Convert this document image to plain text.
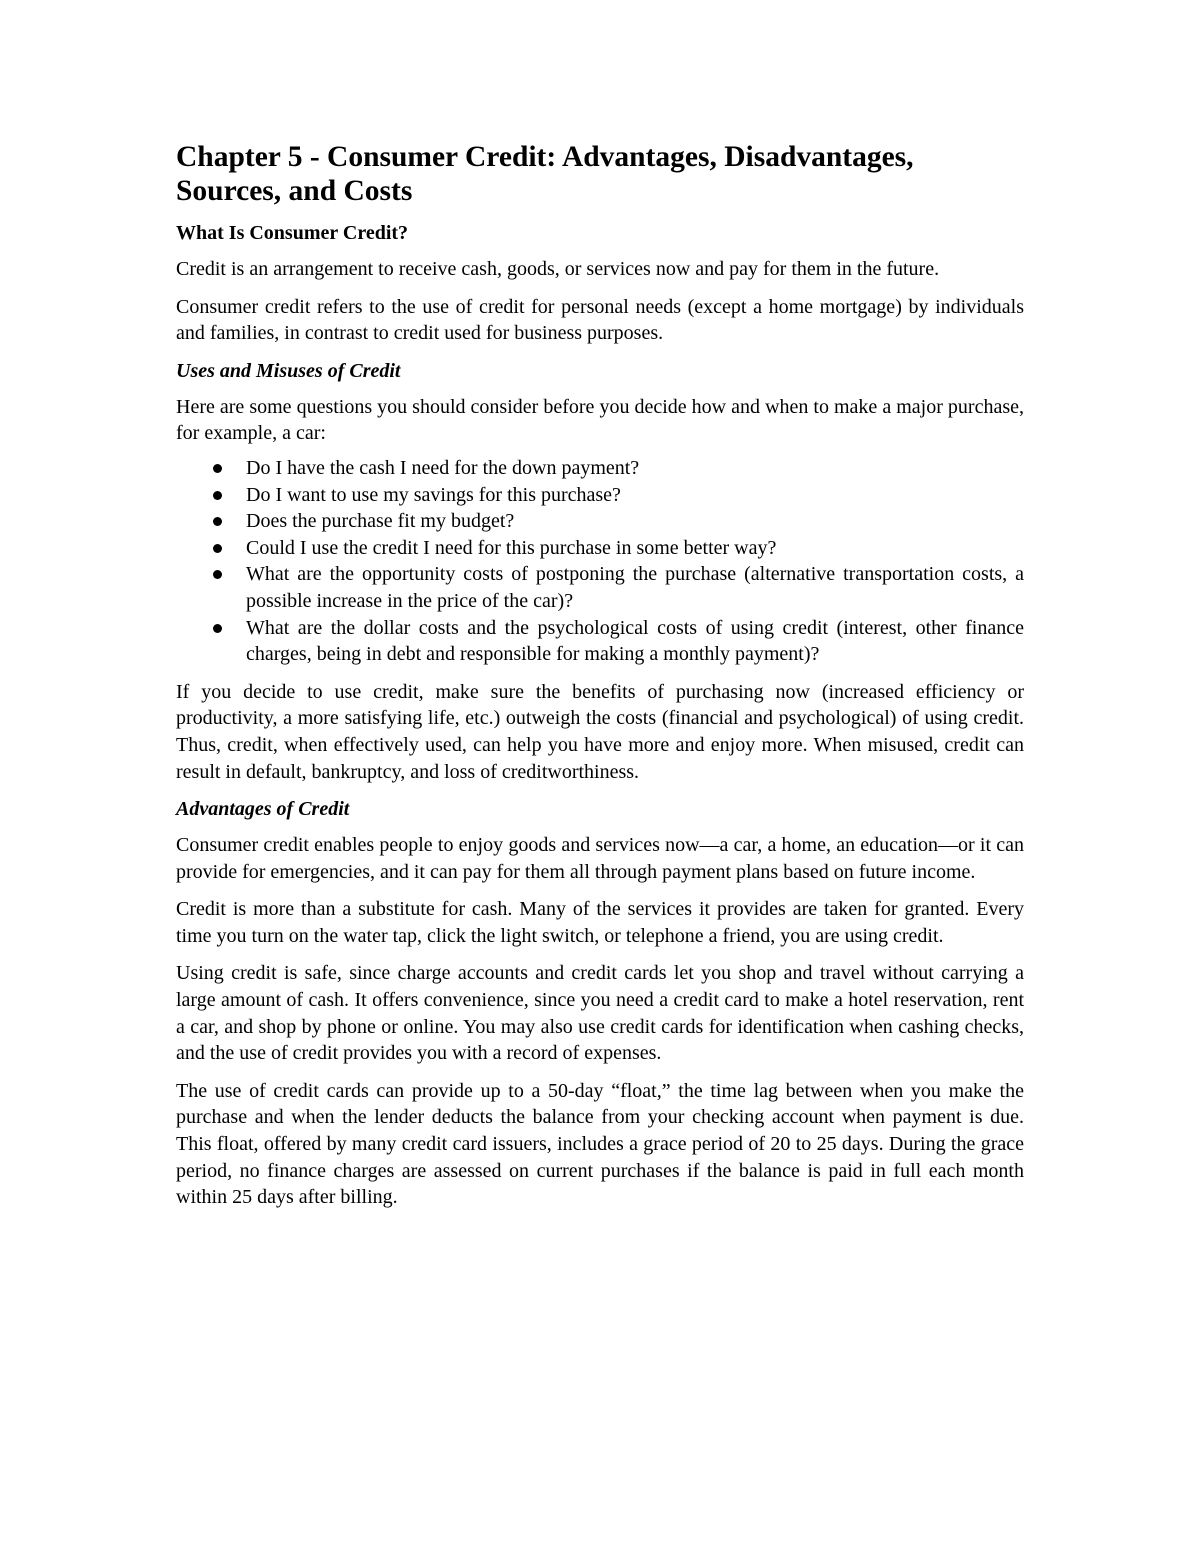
Chapter 5 - Consumer Credit: Advantages, Disadvantages, Sources, and Costs
What Is Consumer Credit?

Credit is an arrangement to receive cash, goods, or services now and pay for them in the future.

Consumer credit refers to the use of credit for personal needs (except a home mortgage) by individuals and families, in contrast to credit used for business purposes.

Uses and Misuses of Credit

Here are some questions you should consider before you decide how and when to make a major purchase, for example, a car:

Do I have the cash I need for the down payment?
Do I want to use my savings for this purchase?
Does the purchase fit my budget?
Could I use the credit I need for this purchase in some better way?
What are the opportunity costs of postponing the purchase (alternative transportation costs, a possible increase in the price of the car)?
What are the dollar costs and the psychological costs of using credit (interest, other finance charges, being in debt and responsible for making a monthly payment)?

If you decide to use credit, make sure the benefits of purchasing now (increased efficiency or productivity, a more satisfying life, etc.) outweigh the costs (financial and psychological) of using credit. Thus, credit, when effectively used, can help you have more and enjoy more. When misused, credit can result in default, bankruptcy, and loss of creditworthiness.

Advantages of Credit

Consumer credit enables people to enjoy goods and services now—a car, a home, an education—or it can provide for emergencies, and it can pay for them all through payment plans based on future income.

Credit is more than a substitute for cash. Many of the services it provides are taken for granted. Every time you turn on the water tap, click the light switch, or telephone a friend, you are using credit.

Using credit is safe, since charge accounts and credit cards let you shop and travel without carrying a large amount of cash. It offers convenience, since you need a credit card to make a hotel reservation, rent a car, and shop by phone or online. You may also use credit cards for identification when cashing checks, and the use of credit provides you with a record of expenses.

The use of credit cards can provide up to a 50-day “float,” the time lag between when you make the purchase and when the lender deducts the balance from your checking account when payment is due. This float, offered by many credit card issuers, includes a grace period of 20 to 25 days. During the grace period, no finance charges are assessed on current purchases if the balance is paid in full each month within 25 days after billing.
